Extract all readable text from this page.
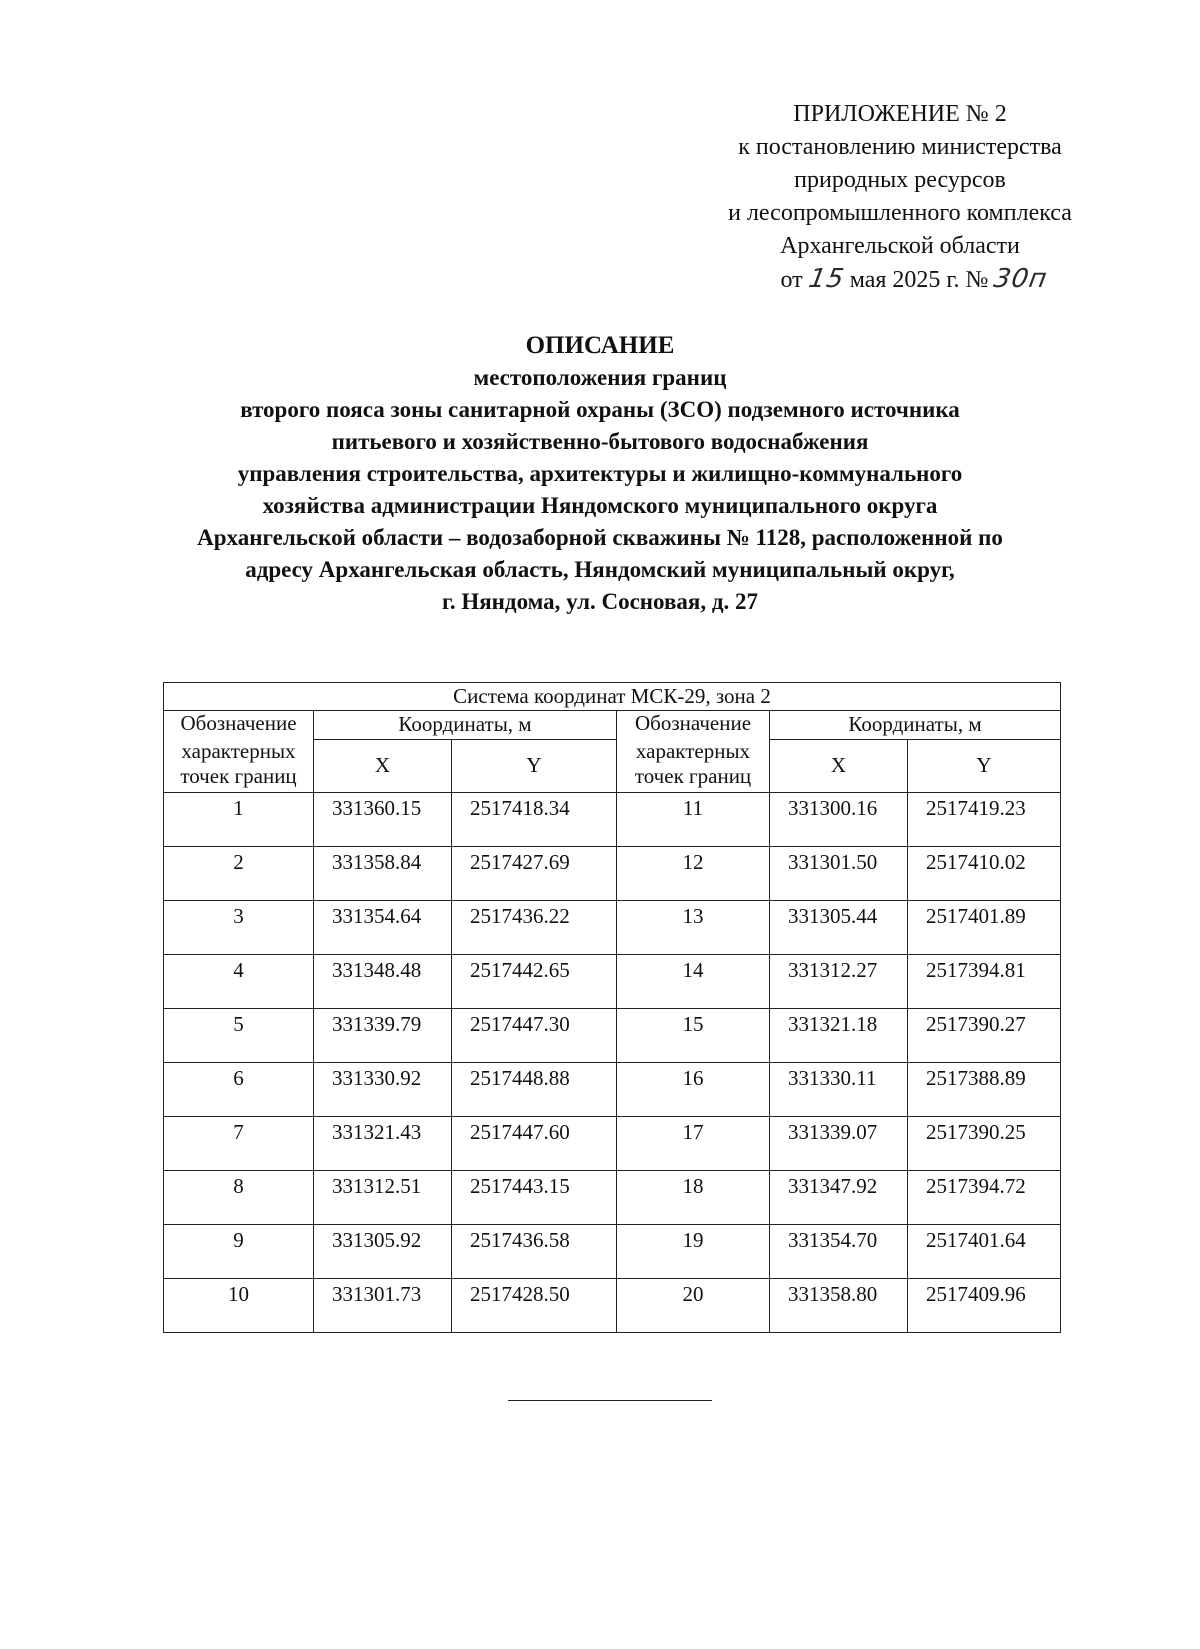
ПРИЛОЖЕНИЕ № 2
к постановлению министерства
природных ресурсов
и лесопромышленного комплекса
Архангельской области
от 15 мая 2025 г. № 30п
ОПИСАНИЕ
местоположения границ
второго пояса зоны санитарной охраны (ЗСО) подземного источника
питьевого и хозяйственно-бытового водоснабжения
управления строительства, архитектуры и жилищно-коммунального
хозяйства администрации Няндомского муниципального округа
Архангельской области – водозаборной скважины № 1128, расположенной по
адресу Архангельская область, Няндомский муниципальный округ,
г. Няндома, ул. Сосновая, д. 27
Система координат МСК-29, зона 2					
Обозначение	Координаты, м		Обозначение	Координаты, м	
характерных точек границ	X	Y	характерных точек границ	X	Y
1	331360.15	2517418.34	11	331300.16	2517419.23
2	331358.84	2517427.69	12	331301.50	2517410.02
3	331354.64	2517436.22	13	331305.44	2517401.89
4	331348.48	2517442.65	14	331312.27	2517394.81
5	331339.79	2517447.30	15	331321.18	2517390.27
6	331330.92	2517448.88	16	331330.11	2517388.89
7	331321.43	2517447.60	17	331339.07	2517390.25
8	331312.51	2517443.15	18	331347.92	2517394.72
9	331305.92	2517436.58	19	331354.70	2517401.64
10	331301.73	2517428.50	20	331358.80	2517409.96
